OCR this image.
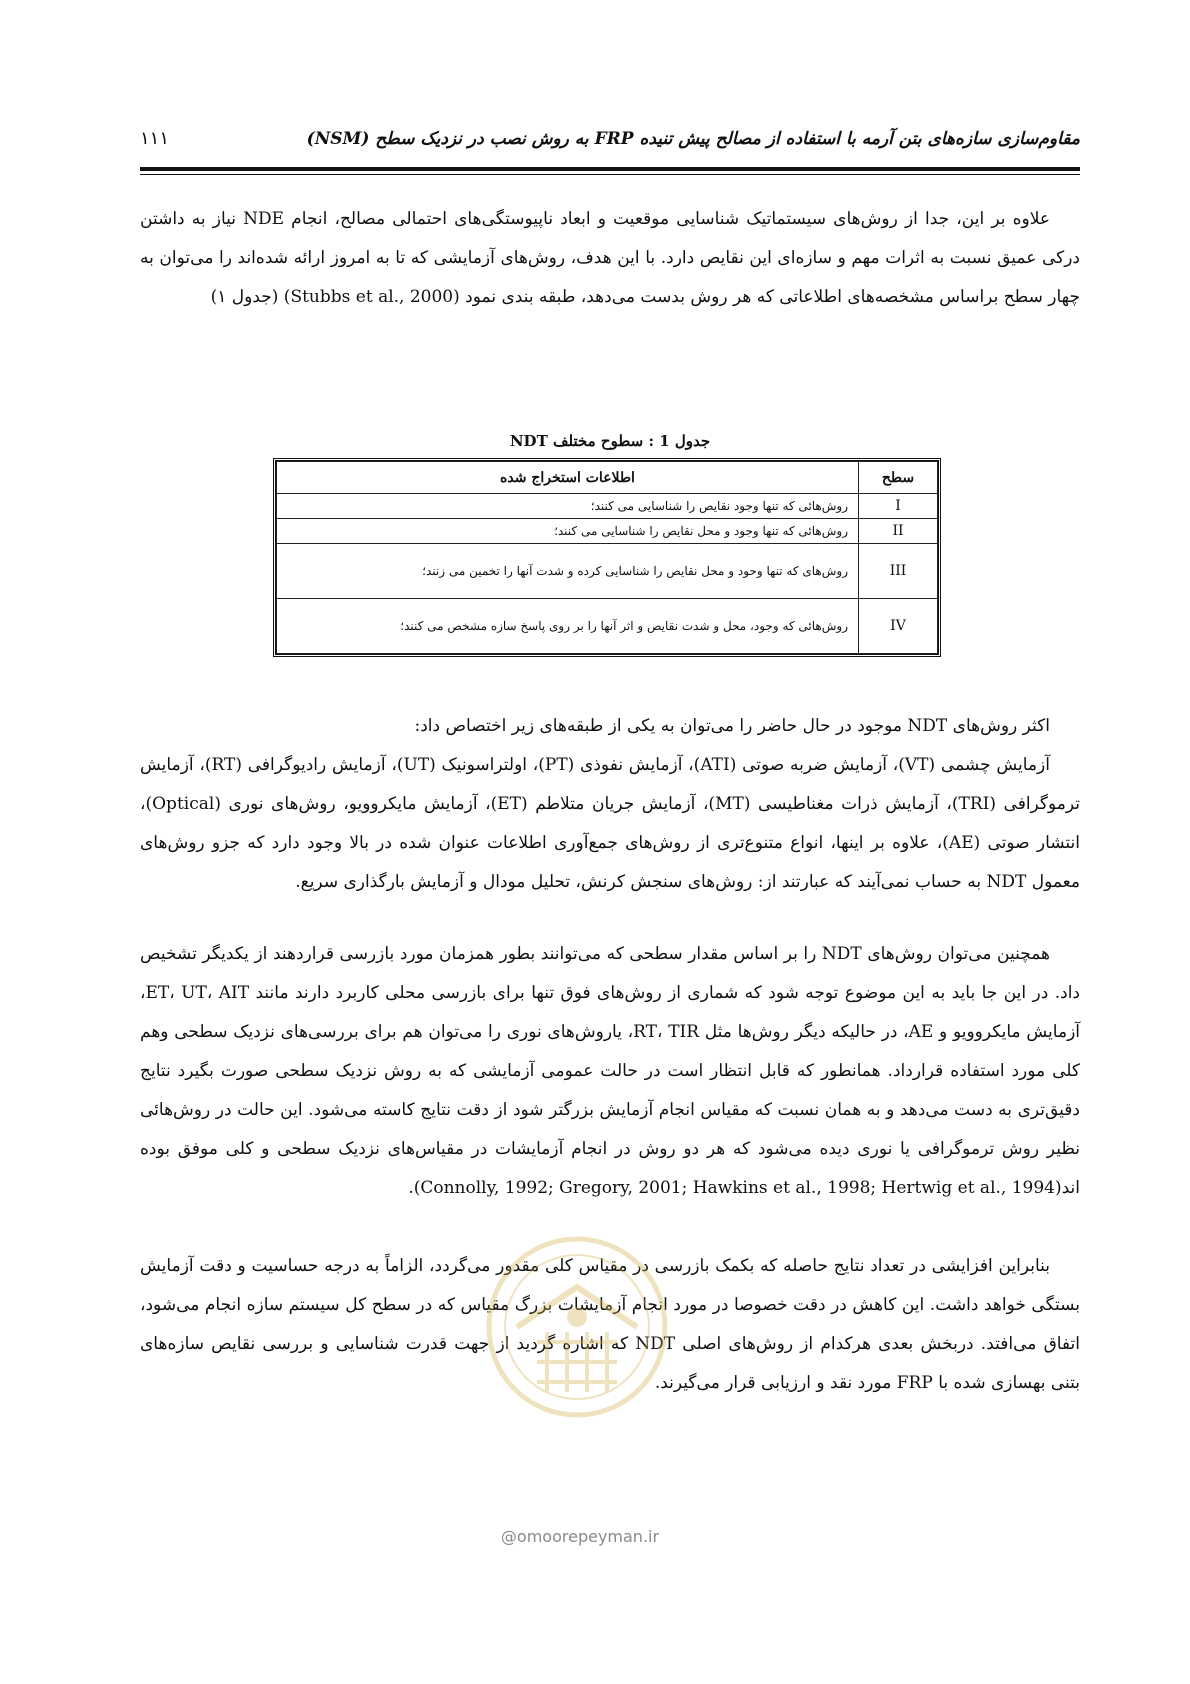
مقاوم‌سازی سازه‌های بتن آرمه با استفاده از مصالح پیش تنیده FRP به روش نصب در نزدیک سطح (NSM)
۱۱۱

علاوه بر این، جدا از روش‌های سیستماتیک شناسایی موقعیت و ابعاد ناپیوستگی‌های احتمالی مصالح، انجام NDE نیاز به داشتن درکی عمیق نسبت به اثرات مهم و سازه‌ای این نقایص دارد. با این هدف، روش‌های آزمایشی که تا به امروز ارائه شده‌اند را می‌توان به چهار سطح براساس مشخصه‌های اطلاعاتی که هر روش بدست می‌دهد، طبقه بندی نمود (Stubbs et al., 2000) (جدول ۱)

جدول 1 : سطوح مختلف NDT
سطح	اطلاعات استخراج شده
I	روش‌هائی که تنها وجود نقایص را شناسایی می کنند؛
II	روش‌هائی که تنها وجود و محل نقایص را شناسایی می کنند؛
III	روش‌های که تنها وحود و محل نقایص را شناسایی کرده و شدت آنها را تخمین می زنند؛
IV	روش‌هائی که وجود، محل و شدت نقایص و اثر آنها را بر روی پاسخ سازه مشخص می کنند؛

اکثر روش‌های NDT موجود در حال حاضر را می‌توان به یکی از طبقه‌های زیر اختصاص داد:

آزمایش چشمی (VT)، آزمایش ضربه صوتی (ATI)، آزمایش نفوذی (PT)، اولتراسونیک (UT)، آزمایش رادیوگرافی (RT)، آزمایش ترموگرافی (TRI)، آزمایش ذرات مغناطیسی (MT)، آزمایش جریان متلاطم (ET)، آزمایش مایکروویو، روش‌های نوری (Optical)، انتشار صوتی (AE)، علاوه بر اینها، انواع متنوع‌تری از روش‌های جمع‌آوری اطلاعات عنوان شده در بالا وجود دارد که جزو روش‌های معمول NDT به حساب نمی‌آیند که عبارتند از: روش‌های سنجش کرنش، تحلیل مودال و آزمایش بارگذاری سریع.

همچنین می‌توان روش‌های NDT را بر اساس مقدار سطحی که می‌توانند بطور همزمان مورد بازرسی قراردهند از یکدیگر تشخیص داد. در این جا باید به این موضوع توجه شود که شماری از روش‌های فوق تنها برای بازرسی محلی کاربرد دارند مانند ET، UT، AIT، آزمایش مایکروویو و AE، در حالیکه دیگر روش‌ها مثل RT، TIR، یاروش‌های نوری را می‌توان هم برای بررسی‌های نزدیک سطحی وهم کلی مورد استفاده قرارداد. همانطور که قابل انتظار است در حالت عمومی آزمایشی که به روش نزدیک سطحی صورت بگیرد نتایج دقیق‌تری به دست می‌دهد و به همان نسبت که مقیاس انجام آزمایش بزرگتر شود از دقت نتایج کاسته می‌شود. این حالت در روش‌هائی نظیر روش ترموگرافی یا نوری دیده می‌شود که هر دو روش در انجام آزمایشات در مقیاس‌های نزدیک سطحی و کلی موفق بوده اند(Connolly, 1992; Gregory, 2001; Hawkins et al., 1998; Hertwig et al., 1994).

بنابراین افزایشی در تعداد نتایج حاصله که بکمک بازرسی در مقیاس کلی مقدور می‌گردد، الزاماً به درجه حساسیت و دقت آزمایش بستگی خواهد داشت. این کاهش در دقت خصوصا در مورد انجام آزمایشات بزرگ مقیاس که در سطح کل سیستم سازه انجام می‌شود، اتفاق می‌افتد. دربخش بعدی هرکدام از روش‌های اصلی NDT که اشاره گردید از جهت قدرت شناسایی و بررسی نقایص سازه‌های بتنی بهسازی شده با FRP مورد نقد و ارزیابی قرار می‌گیرند.

@omoorepeyman.ir
